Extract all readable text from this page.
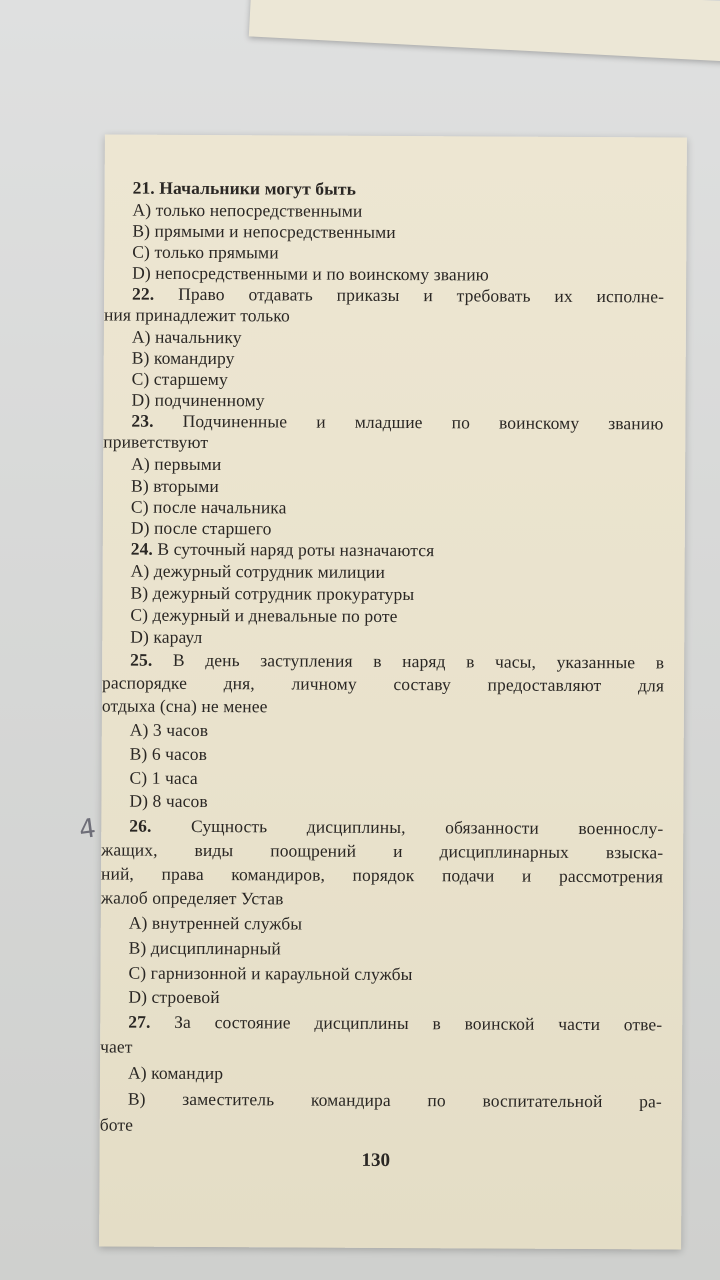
21. Начальники могут быть
А) только непосредственными
В) прямыми и непосредственными
С) только прямыми
D) непосредственными и по воинскому званию
22. Право отдавать приказы и требовать их исполне-
ния принадлежит только
А) начальнику
В) командиру
С) старшему
D) подчиненному
23. Подчиненные и младшие по воинскому званию
приветствуют
А) первыми
В) вторыми
С) после начальника
D) после старшего
24. В суточный наряд роты назначаются
А) дежурный сотрудник милиции
В) дежурный сотрудник прокуратуры
С) дежурный и дневальные по роте
D) караул
25. В день заступления в наряд в часы, указанные в
распорядке дня, личному составу предоставляют для
отдыха (сна) не менее
А) 3 часов
В) 6 часов
С) 1 часа
D) 8 часов
4 26. Сущность дисциплины, обязанности военнослу-
жащих, виды поощрений и дисциплинарных взыска-
ний, права командиров, порядок подачи и рассмотрения
жалоб определяет Устав
А) внутренней службы
В) дисциплинарный
С) гарнизонной и караульной службы
D) строевой
27. За состояние дисциплины в воинской части отве-
чает
А) командир
В) заместитель командира по воспитательной ра-
боте
130
